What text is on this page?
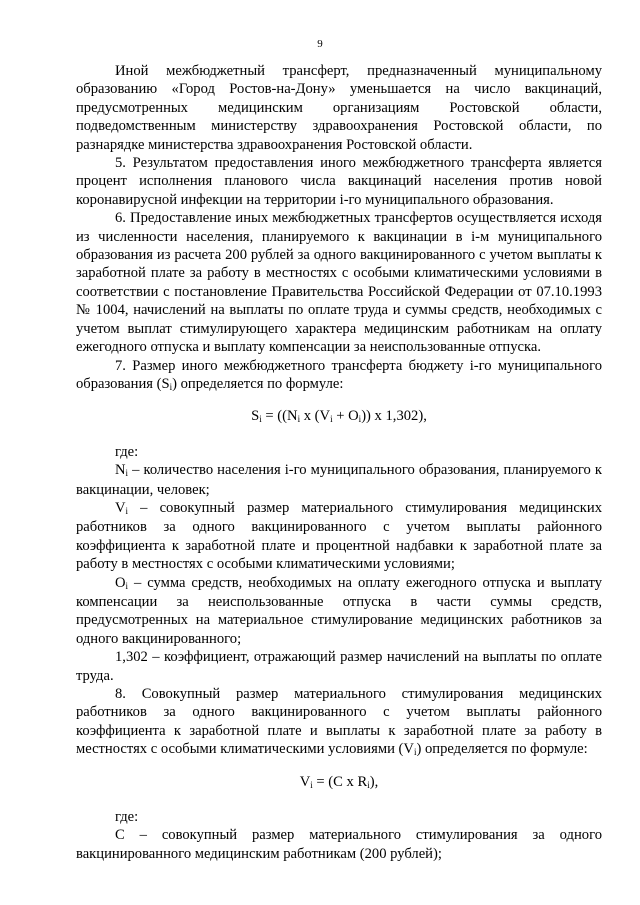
9

Иной межбюджетный трансферт, предназначенный муниципальному образованию «Город Ростов-на-Дону» уменьшается на число вакцинаций, предусмотренных медицинским организациям Ростовской области, подведомственным министерству здравоохранения Ростовской области, по разнарядке министерства здравоохранения Ростовской области.

5. Результатом предоставления иного межбюджетного трансферта является процент исполнения планового числа вакцинаций населения против новой коронавирусной инфекции на территории i-го муниципального образования.

6. Предоставление иных межбюджетных трансфертов осуществляется исходя из численности населения, планируемого к вакцинации в i-м муниципального образования из расчета 200 рублей за одного вакцинированного с учетом выплаты к заработной плате за работу в местностях с особыми климатическими условиями в соответствии с постановление Правительства Российской Федерации от 07.10.1993 № 1004, начислений на выплаты по оплате труда и суммы средств, необходимых с учетом выплат стимулирующего характера медицинским работникам на оплату ежегодного отпуска и выплату компенсации за неиспользованные отпуска.

7. Размер иного межбюджетного трансферта бюджету i-го муниципального образования $(S_i)$ определяется по формуле:

$S_i = ((N_i$ x $(V_i + O_i)$) x 1,302),

где:

$N_i$ – количество населения i-го муниципального образования, планируемого к вакцинации, человек;

$V_i$ – совокупный размер материального стимулирования медицинских работников за одного вакцинированного с учетом выплаты районного коэффициента к заработной плате и процентной надбавки к заработной плате за работу в местностях с особыми климатическими условиями;

$O_i$ – сумма средств, необходимых на оплату ежегодного отпуска и выплату компенсации за неиспользованные отпуска в части суммы средств, предусмотренных на материальное стимулирование медицинских работников за одного вакцинированного;

1,302 – коэффициент, отражающий размер начислений на выплаты по оплате труда.

8. Совокупный размер материального стимулирования медицинских работников за одного вакцинированного с учетом выплаты районного коэффициента к заработной плате и выплаты к заработной плате за работу в местностях с особыми климатическими условиями $(V_i)$ определяется по формуле:

$V_i = (C$ x $R_i$),

где:

С – совокупный размер материального стимулирования за одного вакцинированного медицинским работникам (200 рублей);
